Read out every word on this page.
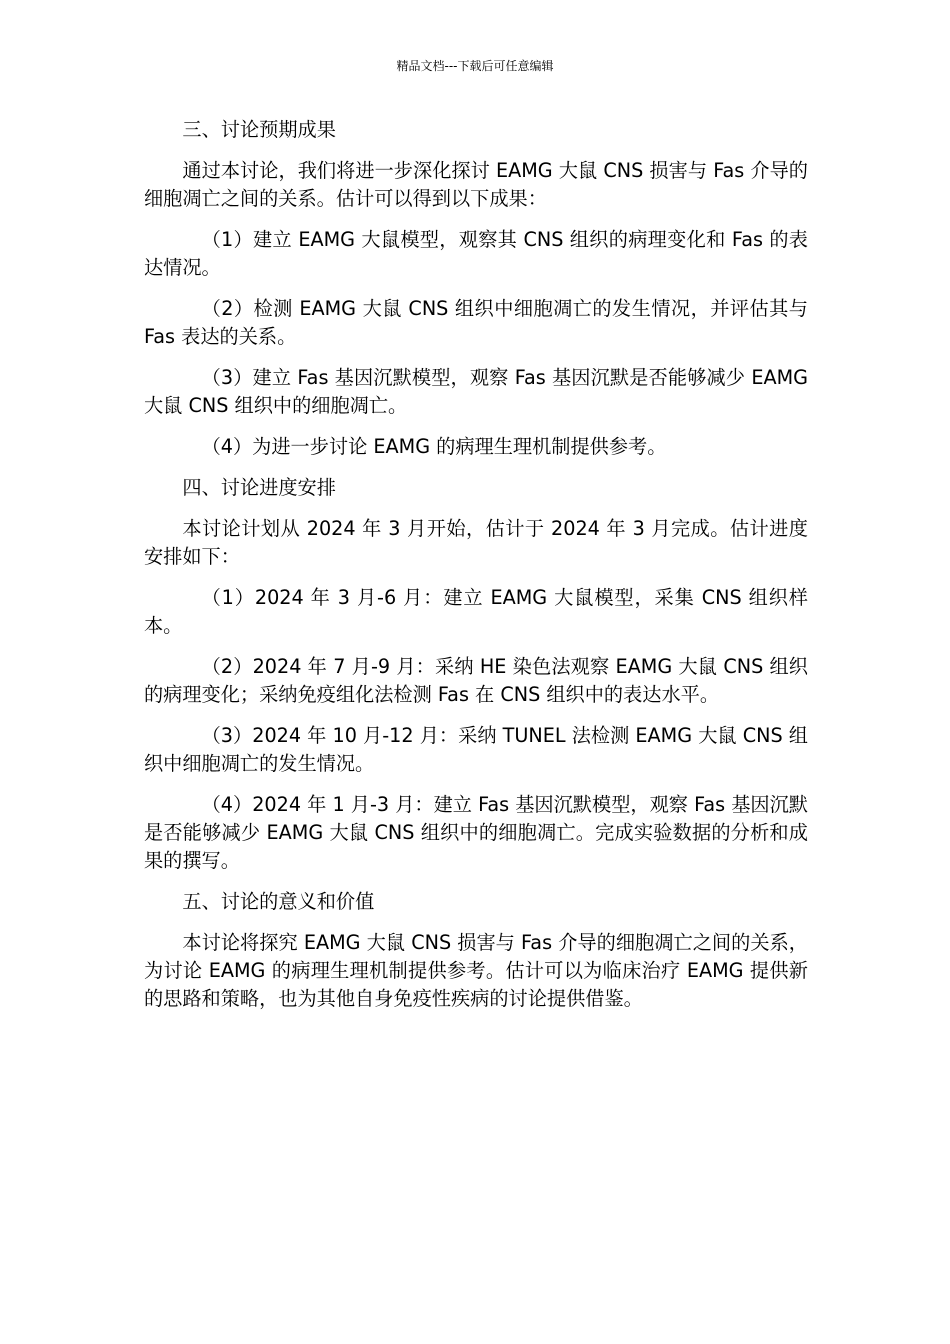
精品文档---下载后可任意编辑

三、讨论预期成果

通过本讨论，我们将进一步深化探讨 EAMG 大鼠 CNS 损害与 Fas 介导的细胞凋亡之间的关系。估计可以得到以下成果：

（1）建立 EAMG 大鼠模型，观察其 CNS 组织的病理变化和 Fas 的表达情况。

（2）检测 EAMG 大鼠 CNS 组织中细胞凋亡的发生情况，并评估其与 Fas 表达的关系。

（3）建立 Fas 基因沉默模型，观察 Fas 基因沉默是否能够减少 EAMG 大鼠 CNS 组织中的细胞凋亡。

（4）为进一步讨论 EAMG 的病理生理机制提供参考。

四、讨论进度安排

本讨论计划从 2024 年 3 月开始，估计于 2024 年 3 月完成。估计进度安排如下：

（1）2024 年 3 月-6 月：建立 EAMG 大鼠模型，采集 CNS 组织样本。

（2）2024 年 7 月-9 月：采纳 HE 染色法观察 EAMG 大鼠 CNS 组织的病理变化；采纳免疫组化法检测 Fas 在 CNS 组织中的表达水平。

（3）2024 年 10 月-12 月：采纳 TUNEL 法检测 EAMG 大鼠 CNS 组织中细胞凋亡的发生情况。

（4）2024 年 1 月-3 月：建立 Fas 基因沉默模型，观察 Fas 基因沉默是否能够减少 EAMG 大鼠 CNS 组织中的细胞凋亡。完成实验数据的分析和成果的撰写。

五、讨论的意义和价值

本讨论将探究 EAMG 大鼠 CNS 损害与 Fas 介导的细胞凋亡之间的关系，为讨论 EAMG 的病理生理机制提供参考。估计可以为临床治疗 EAMG 提供新的思路和策略，也为其他自身免疫性疾病的讨论提供借鉴。
